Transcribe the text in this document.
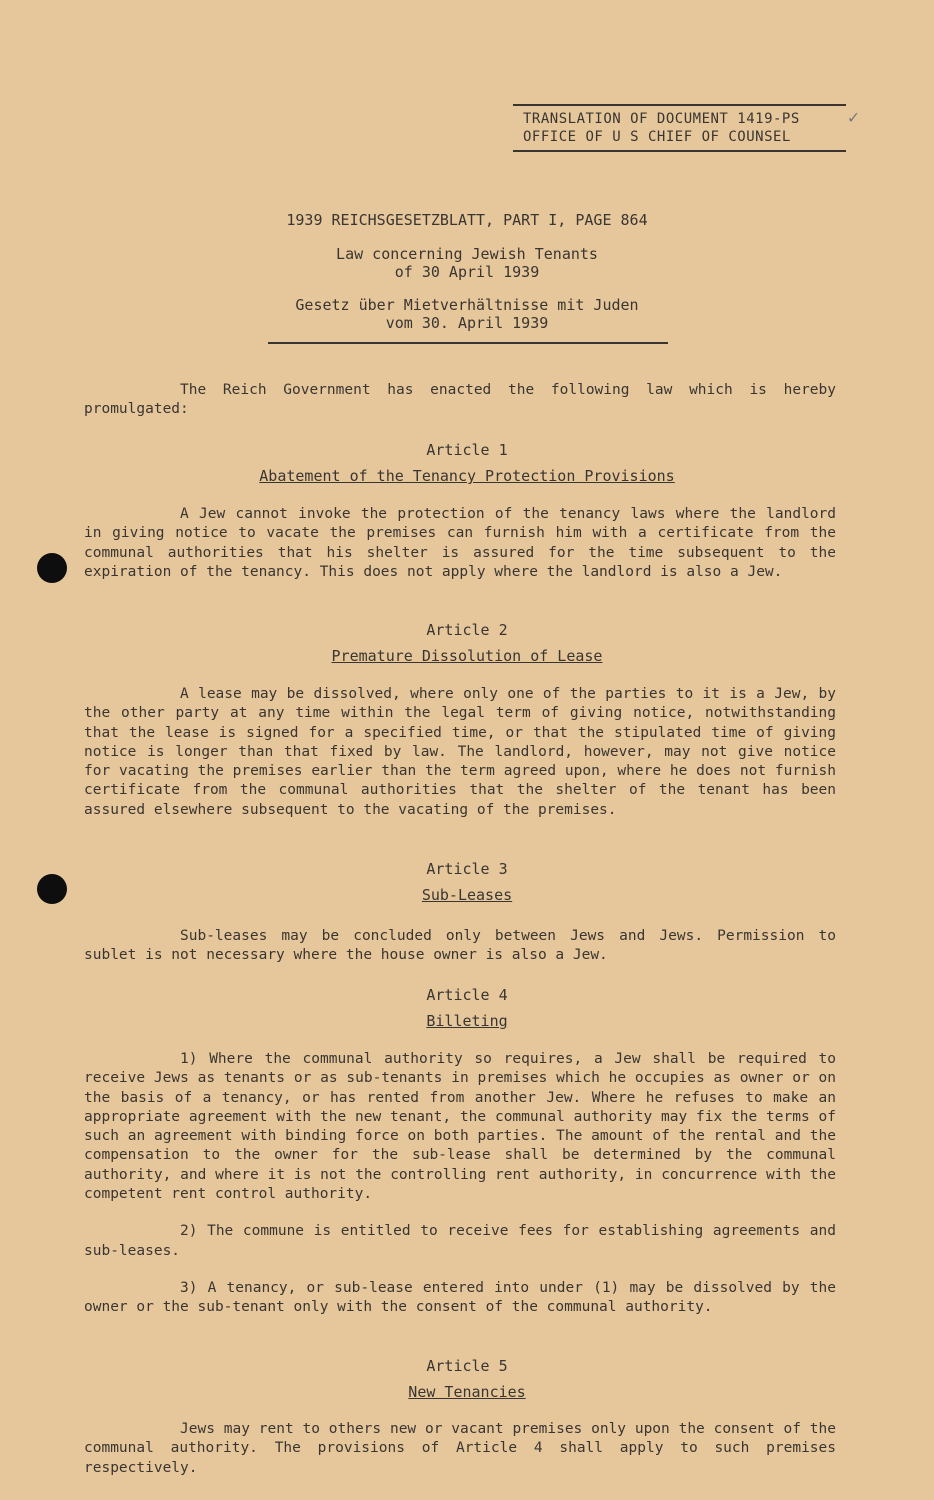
✓
TRANSLATION OF DOCUMENT 1419-PS
OFFICE OF U S CHIEF OF COUNSEL
1939 REICHSGESETZBLATT, PART I, PAGE 864
Law concerning Jewish Tenants
of 30 April 1939
Gesetz über Mietverhältnisse mit Juden
vom 30. April 1939

The Reich Government has enacted the following law which is hereby promulgated:

Article 1
Abatement of the Tenancy Protection Provisions

A Jew cannot invoke the protection of the tenancy laws where the landlord in giving notice to vacate the premises can furnish him with a certificate from the communal authorities that his shelter is assured for the time subsequent to the expiration of the tenancy. This does not apply where the landlord is also a Jew.

Article 2
Premature Dissolution of Lease

A lease may be dissolved, where only one of the parties to it is a Jew, by the other party at any time within the legal term of giving notice, notwithstanding that the lease is signed for a specified time, or that the stipulated time of giving notice is longer than that fixed by law. The landlord, however, may not give notice for vacating the premises earlier than the term agreed upon, where he does not furnish certificate from the communal authorities that the shelter of the tenant has been assured elsewhere subsequent to the vacating of the premises.

Article 3
Sub-Leases

Sub-leases may be concluded only between Jews and Jews. Permission to sublet is not necessary where the house owner is also a Jew.

Article 4
Billeting

1) Where the communal authority so requires, a Jew shall be required to receive Jews as tenants or as sub-tenants in premises which he occupies as owner or on the basis of a tenancy, or has rented from another Jew. Where he refuses to make an appropriate agreement with the new tenant, the communal authority may fix the terms of such an agreement with binding force on both parties. The amount of the rental and the compensation to the owner for the sub-lease shall be determined by the communal authority, and where it is not the controlling rent authority, in concurrence with the competent rent control authority.

2) The commune is entitled to receive fees for establishing agreements and sub-leases.

3) A tenancy, or sub-lease entered into under (1) may be dissolved by the owner or the sub-tenant only with the consent of the communal authority.

Article 5
New Tenancies

Jews may rent to others new or vacant premises only upon the consent of the communal authority. The provisions of Article 4 shall apply to such premises respectively.
